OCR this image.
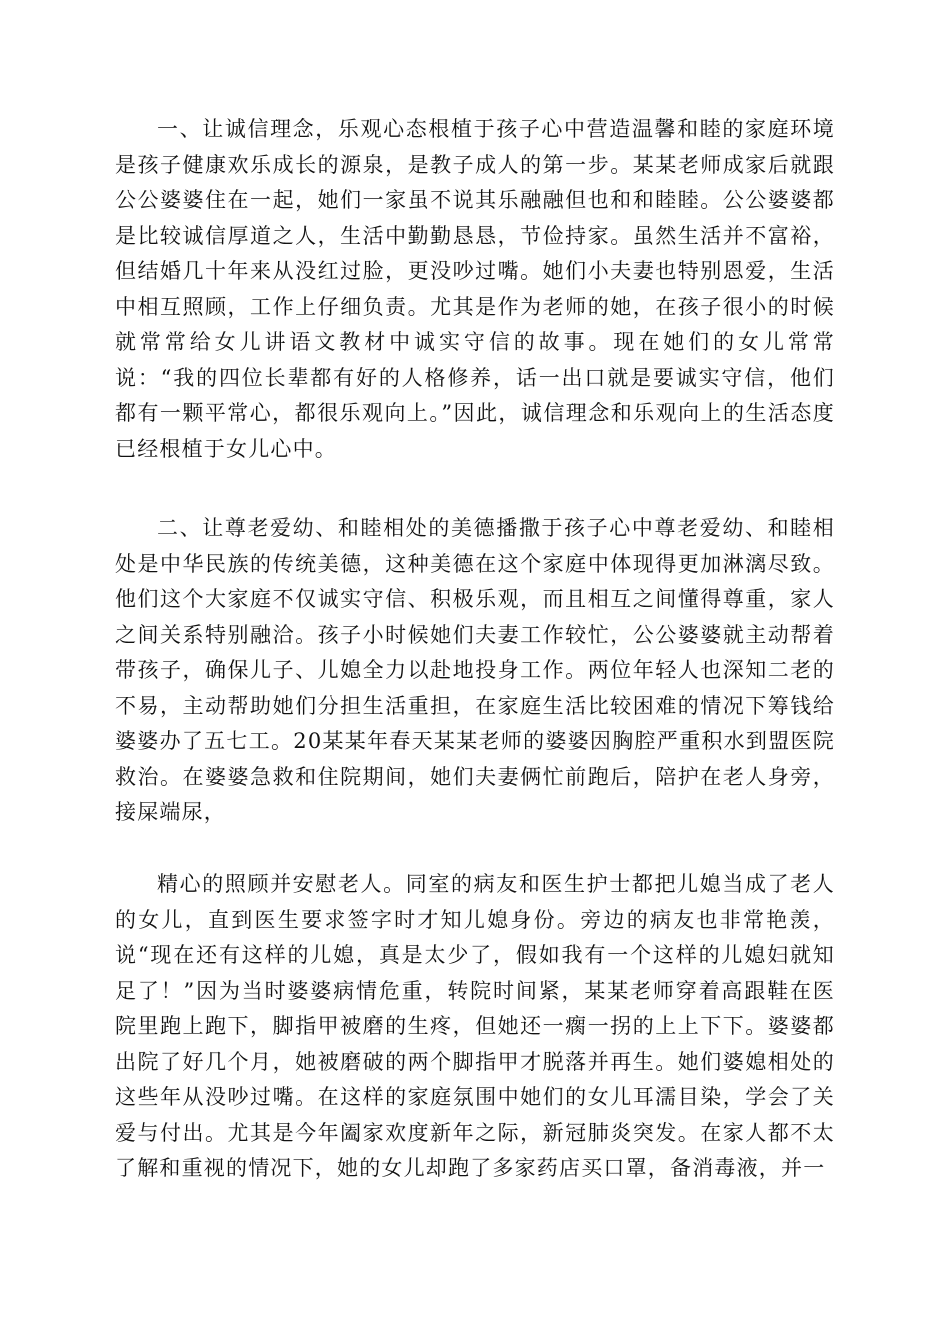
一、让诚信理念，乐观心态根植于孩子心中营造温馨和睦的家庭环境是孩子健康欢乐成长的源泉，是教子成人的第一步。某某老师成家后就跟公公婆婆住在一起，她们一家虽不说其乐融融但也和和睦睦。公公婆婆都是比较诚信厚道之人，生活中勤勤恳恳，节俭持家。虽然生活并不富裕，但结婚几十年来从没红过脸，更没吵过嘴。她们小夫妻也特别恩爱，生活中相互照顾，工作上仔细负责。尤其是作为老师的她，在孩子很小的时候就常常给女儿讲语文教材中诚实守信的故事。现在她们的女儿常常说：“我的四位长辈都有好的人格修养，话一出口就是要诚实守信，他们都有一颗平常心，都很乐观向上。”因此，诚信理念和乐观向上的生活态度已经根植于女儿心中。

二、让尊老爱幼、和睦相处的美德播撒于孩子心中尊老爱幼、和睦相处是中华民族的传统美德，这种美德在这个家庭中体现得更加淋漓尽致。他们这个大家庭不仅诚实守信、积极乐观，而且相互之间懂得尊重，家人之间关系特别融洽。孩子小时候她们夫妻工作较忙，公公婆婆就主动帮着带孩子，确保儿子、儿媳全力以赴地投身工作。两位年轻人也深知二老的不易，主动帮助她们分担生活重担，在家庭生活比较困难的情况下筹钱给婆婆办了五七工。20某某年春天某某老师的婆婆因胸腔严重积水到盟医院救治。在婆婆急救和住院期间，她们夫妻俩忙前跑后，陪护在老人身旁，接屎端尿，

精心的照顾并安慰老人。同室的病友和医生护士都把儿媳当成了老人的女儿，直到医生要求签字时才知儿媳身份。旁边的病友也非常艳羡，说“现在还有这样的儿媳，真是太少了，假如我有一个这样的儿媳妇就知足了！”因为当时婆婆病情危重，转院时间紧，某某老师穿着高跟鞋在医院里跑上跑下，脚指甲被磨的生疼，但她还一瘸一拐的上上下下。婆婆都出院了好几个月，她被磨破的两个脚指甲才脱落并再生。她们婆媳相处的这些年从没吵过嘴。在这样的家庭氛围中她们的女儿耳濡目染，学会了关爱与付出。尤其是今年阖家欢度新年之际，新冠肺炎突发。在家人都不太了解和重视的情况下，她的女儿却跑了多家药店买口罩，备消毒液，并一
